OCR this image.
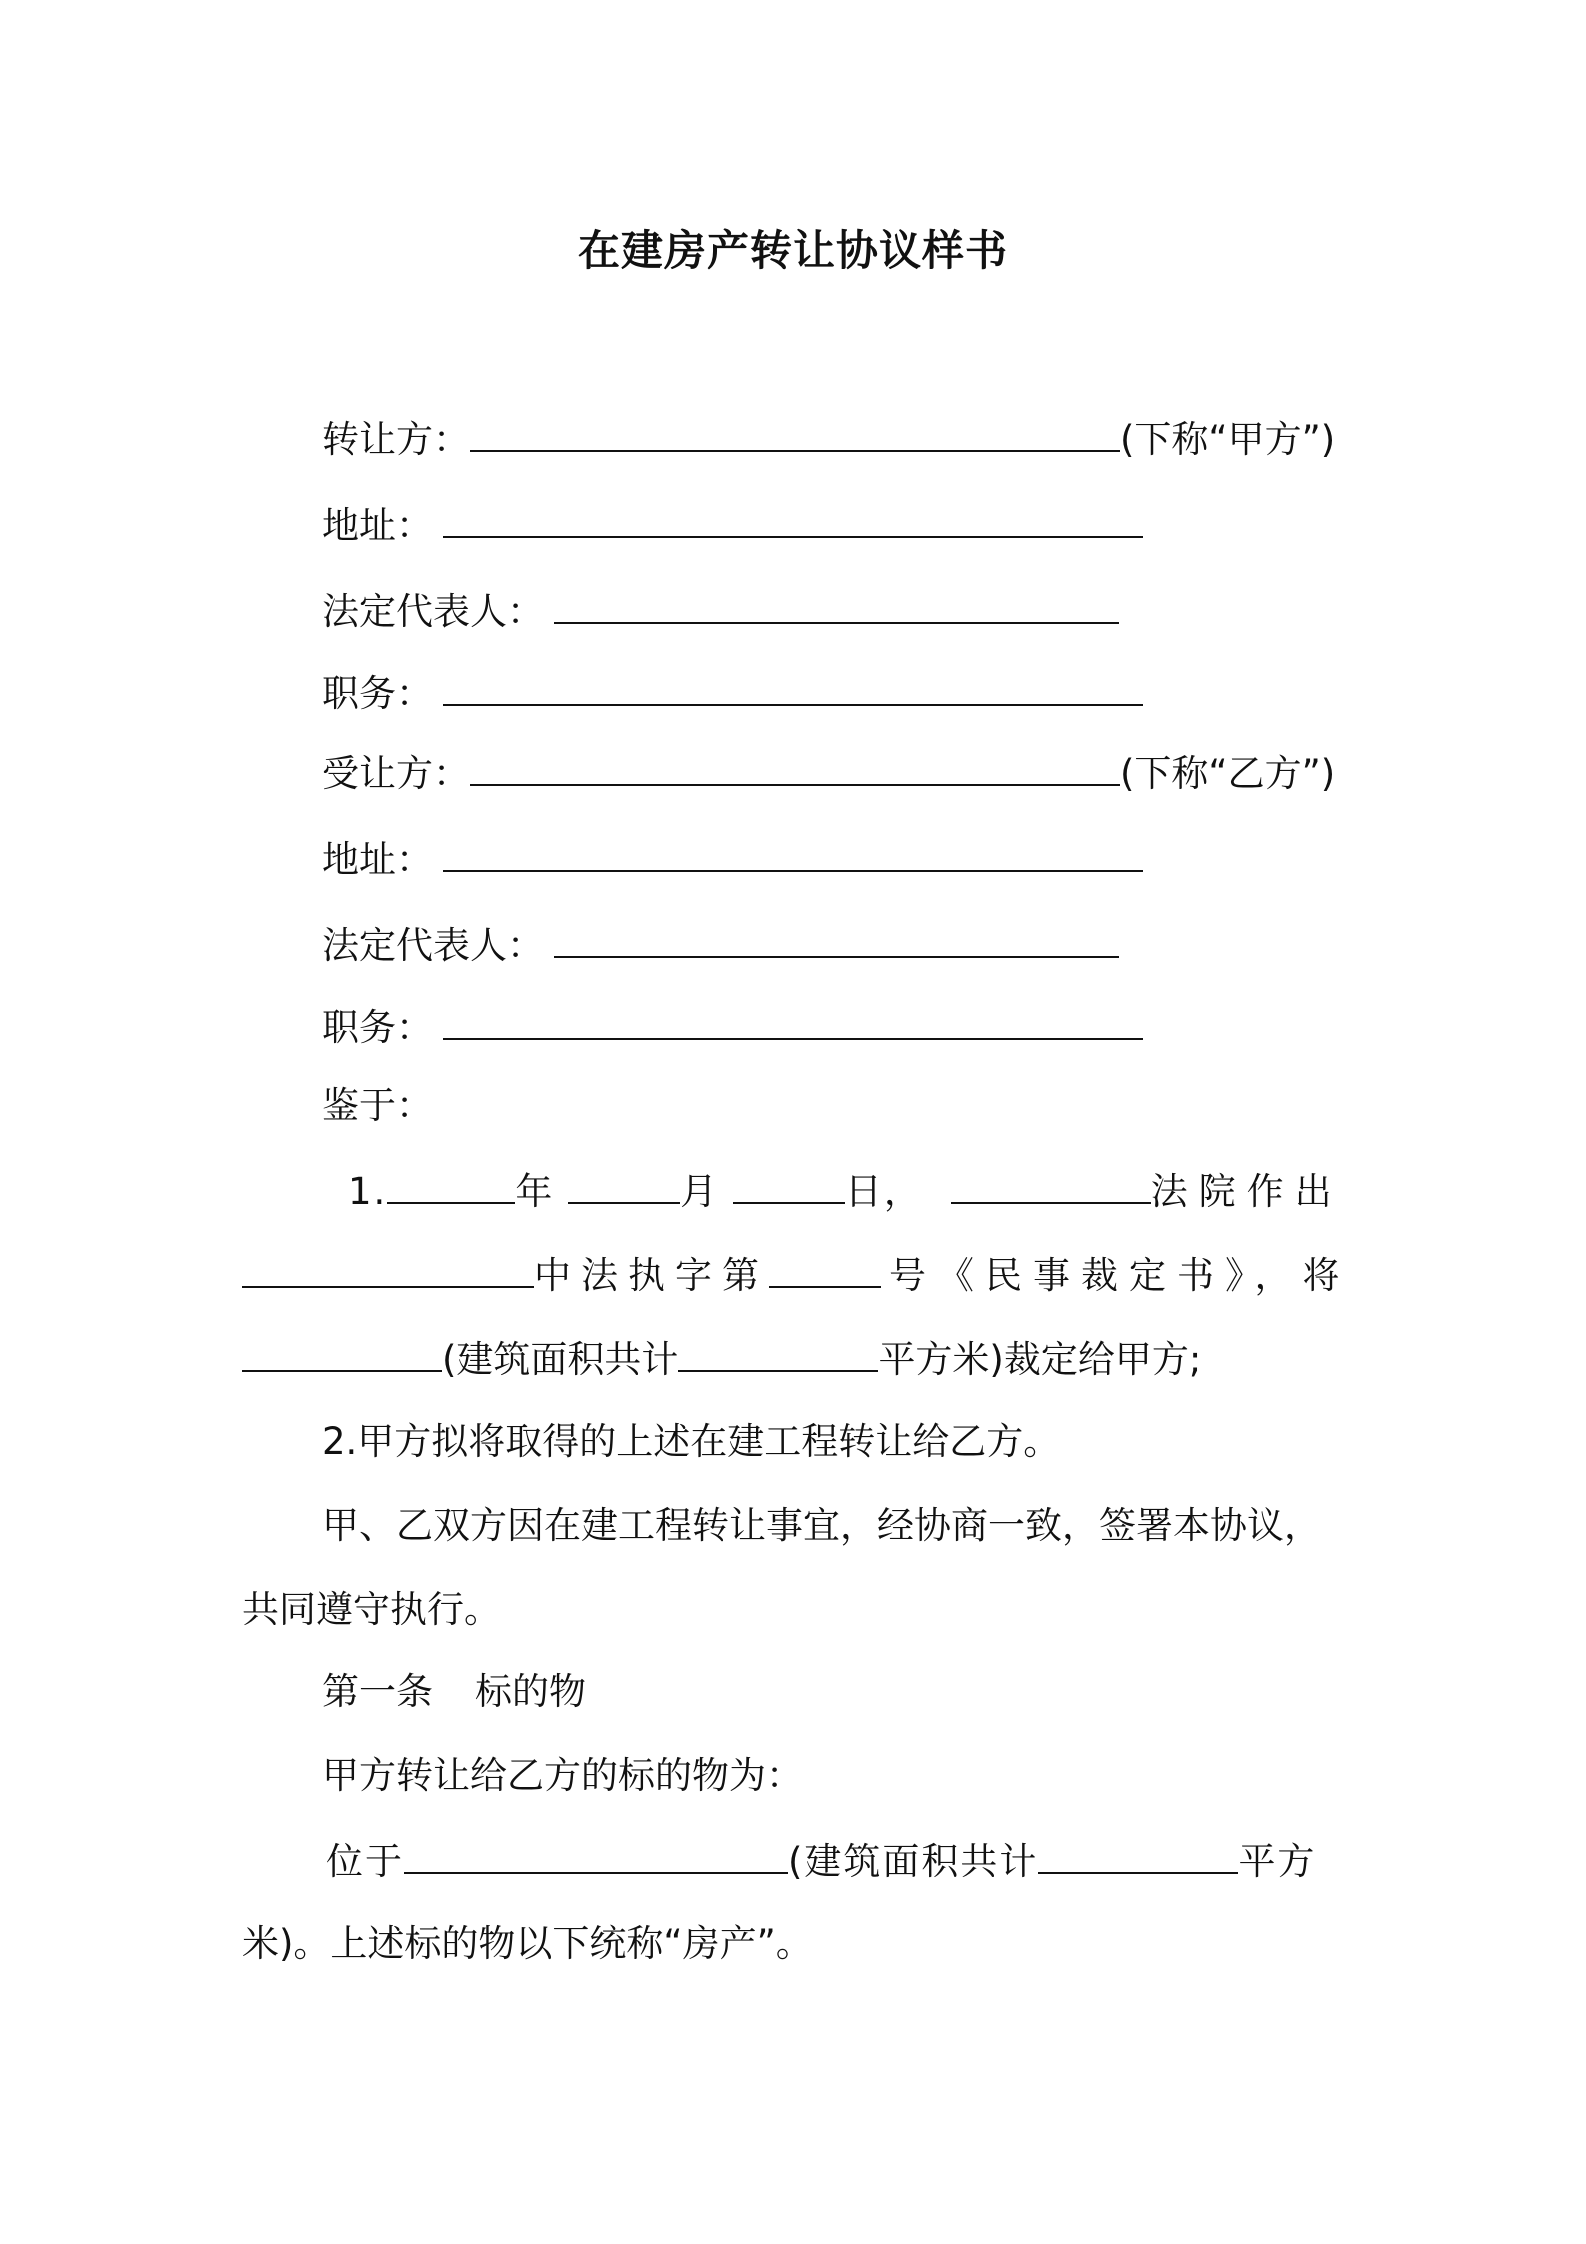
在建房产转让协议样书
转让方：	(下称“甲方”)
地址：
法定代表人：
职务：
受让方：	(下称“乙方”)
地址：
法定代表人：
职务：
鉴于：
1.	年	月	日，	法院作出
中法执字第	号《民事裁定书》，将
(建筑面积共计	平方米)裁定给甲方;
2.甲方拟将取得的上述在建工程转让给乙方。
甲、乙双方因在建工程转让事宜，经协商一致，签署本协议，
共同遵守执行。
第一条 标的物
甲方转让给乙方的标的物为：
位于	(建筑面积共计	平方
米)。上述标的物以下统称“房产”。
